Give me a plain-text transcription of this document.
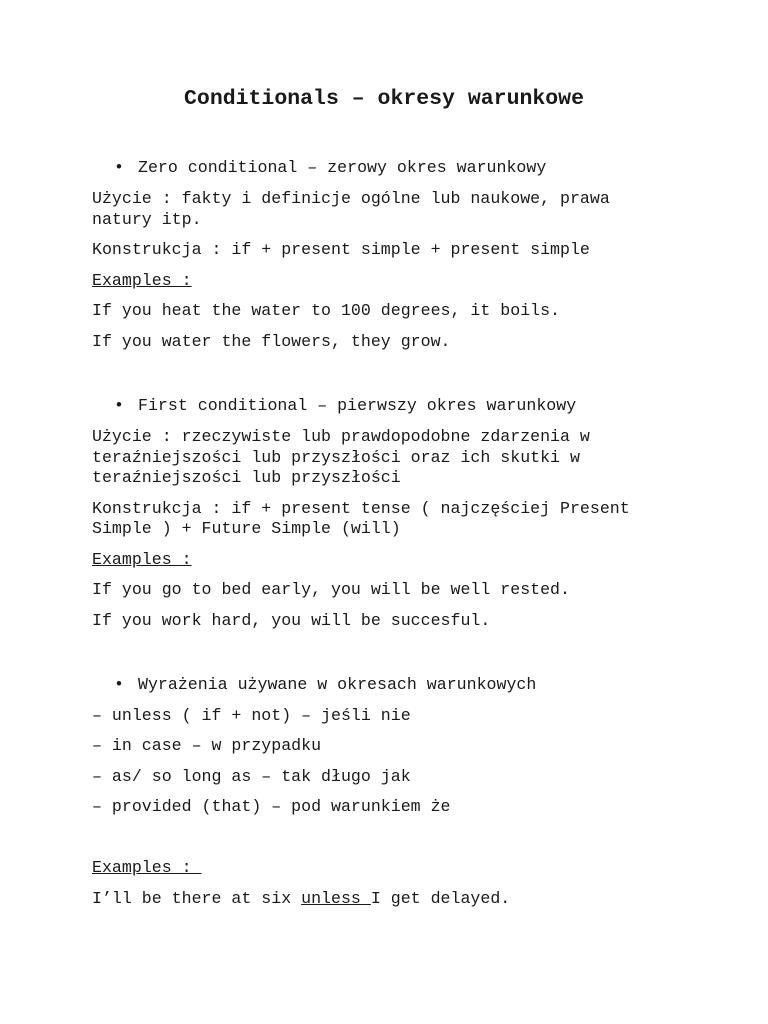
Conditionals – okresy warunkowe
• Zero conditional – zerowy okres warunkowy
Użycie : fakty i definicje ogólne lub naukowe, prawa
natury itp.
Konstrukcja : if + present simple + present simple
Examples :
If you heat the water to 100 degrees, it boils.
If you water the flowers, they grow.
• First conditional – pierwszy okres warunkowy
Użycie : rzeczywiste lub prawdopodobne zdarzenia w
teraźniejszości lub przyszłości oraz ich skutki w
teraźniejszości lub przyszłości
Konstrukcja : if + present tense ( najczęściej Present
Simple ) + Future Simple (will)
Examples :
If you go to bed early, you will be well rested.
If you work hard, you will be succesful.
• Wyrażenia używane w okresach warunkowych
– unless ( if + not) – jeśli nie
– in case – w przypadku
– as/ so long as – tak długo jak
– provided (that) – pod warunkiem że
Examples :
I’ll be there at six unless I get delayed.
